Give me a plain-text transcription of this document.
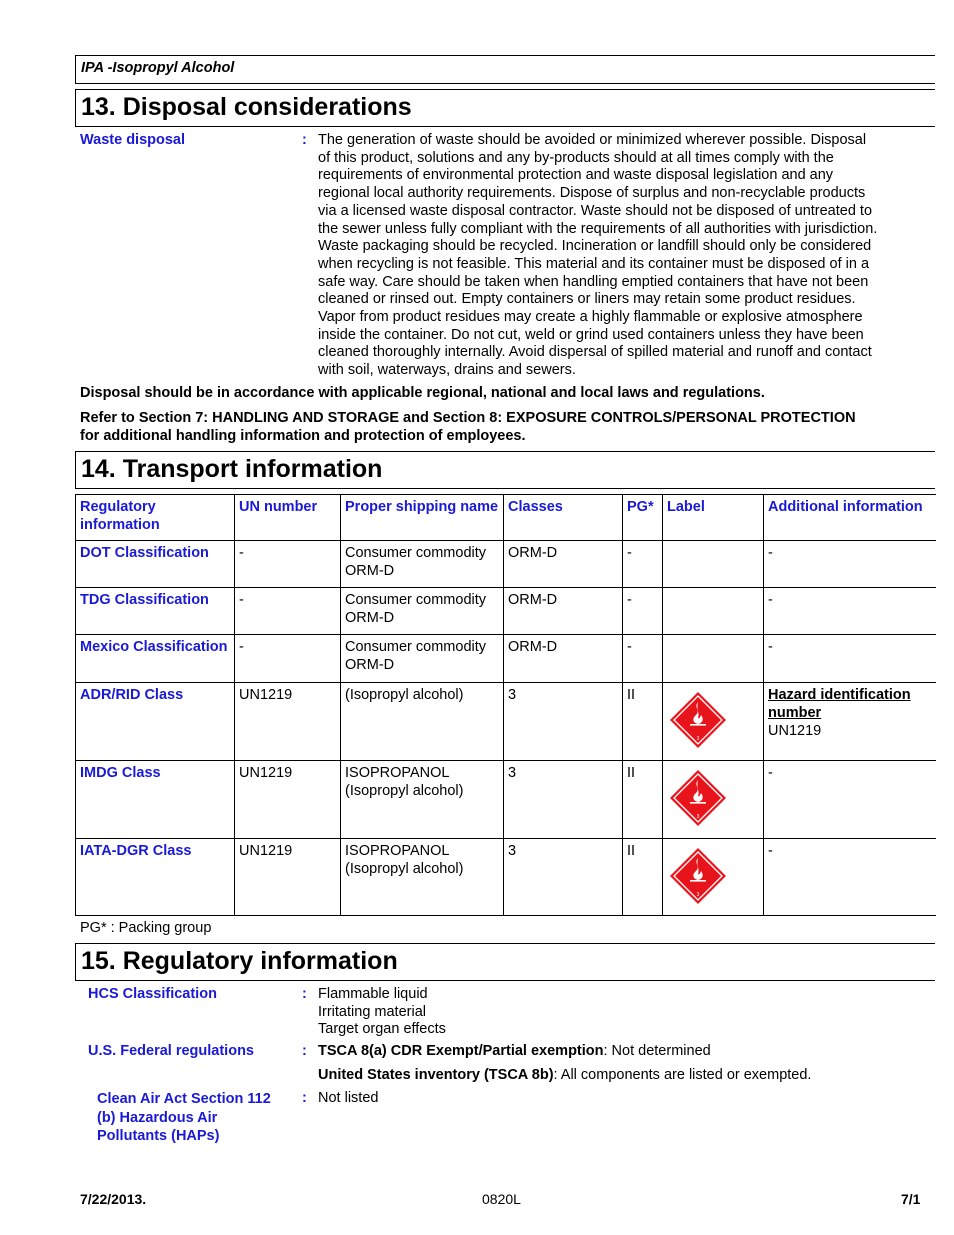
IPA -Isopropyl Alcohol
13. Disposal considerations
Waste disposal	: The generation of waste should be avoided or minimized wherever possible. Disposal
of this product, solutions and any by-products should at all times comply with the
requirements of environmental protection and waste disposal legislation and any
regional local authority requirements. Dispose of surplus and non-recyclable products
via a licensed waste disposal contractor. Waste should not be disposed of untreated to
the sewer unless fully compliant with the requirements of all authorities with jurisdiction.
Waste packaging should be recycled. Incineration or landfill should only be considered
when recycling is not feasible. This material and its container must be disposed of in a
safe way. Care should be taken when handling emptied containers that have not been
cleaned or rinsed out. Empty containers or liners may retain some product residues.
Vapor from product residues may create a highly flammable or explosive atmosphere
inside the container. Do not cut, weld or grind used containers unless they have been
cleaned thoroughly internally. Avoid dispersal of spilled material and runoff and contact
with soil, waterways, drains and sewers.
Disposal should be in accordance with applicable regional, national and local laws and regulations.
Refer to Section 7: HANDLING AND STORAGE and Section 8: EXPOSURE CONTROLS/PERSONAL PROTECTION
for additional handling information and protection of employees.
14. Transport information
Regulatory information	UN number	Proper shipping name	Classes	PG*	Label	Additional information
DOT Classification	-	Consumer commodity ORM-D	ORM-D	-		-

TDG Classification	-	Consumer commodity ORM-D	ORM-D	-		-

Mexico Classification	-	Consumer commodity ORM-D	ORM-D	-		-

ADR/RID Class	UN1219	(Isopropyl alcohol)	3	II	3	Hazard identification number
UN1219

IMDG Class	UN1219	ISOPROPANOL (Isopropyl alcohol)	3	II	3	-

IATA-DGR Class	UN1219	ISOPROPANOL (Isopropyl alcohol)	3	II	3	-
PG* : Packing group
15. Regulatory information
HCS Classification	: Flammable liquid
Irritating material
Target organ effects
U.S. Federal regulations	: TSCA 8(a) CDR Exempt/Partial exemption: Not determined
United States inventory (TSCA 8b): All components are listed or exempted.
Clean Air Act Section 112
(b) Hazardous Air
Pollutants (HAPs)
: Not listed
7/22/2013.	0820L	7/1
